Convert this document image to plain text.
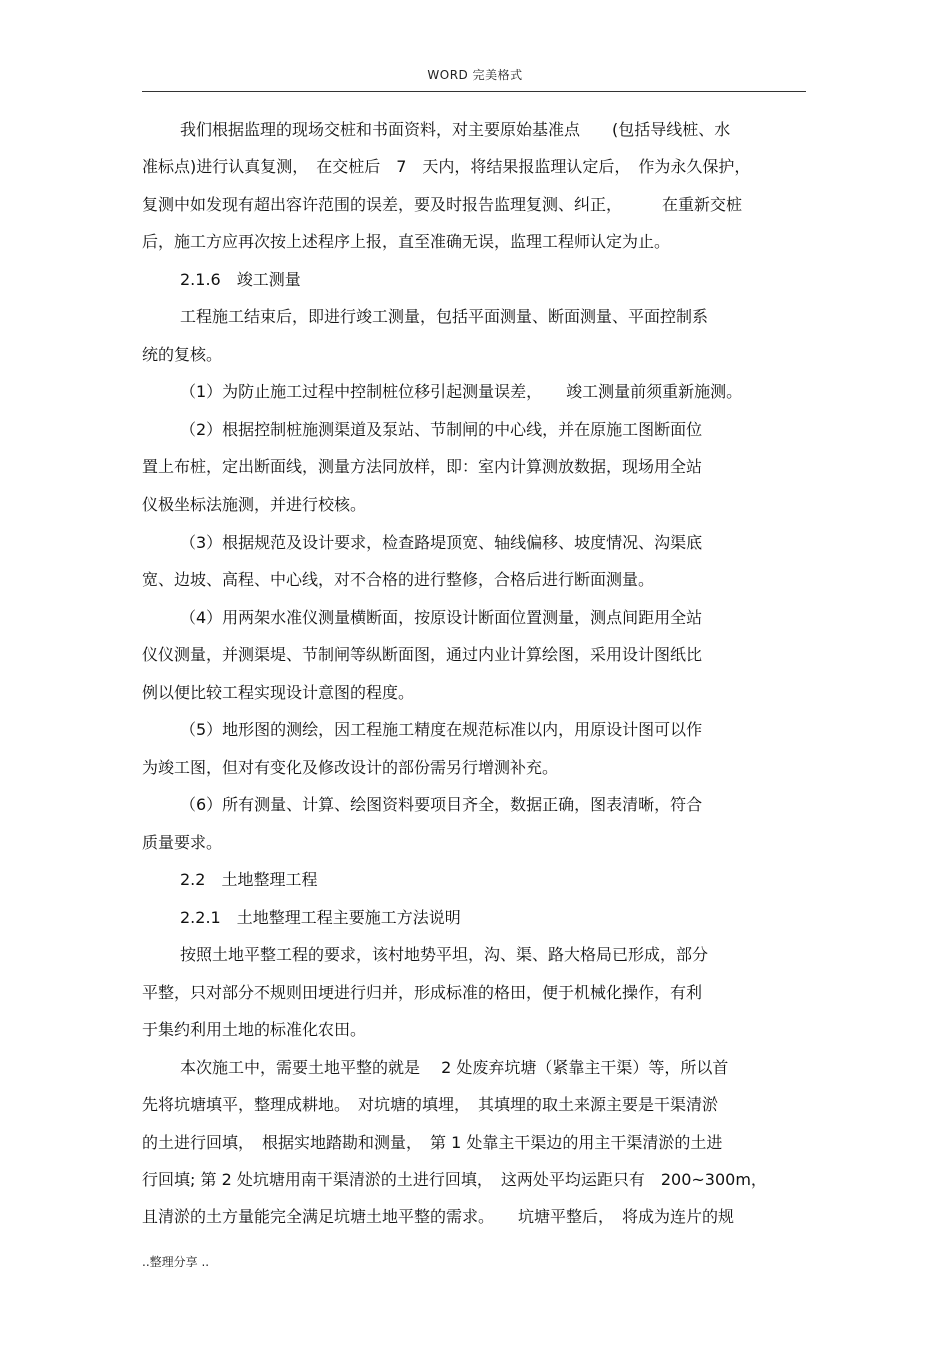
WORD 完美格式
我们根据监理的现场交桩和书面资料，对主要原始基准点　　(包括导线桩、水
准标点)进行认真复测，　在交桩后　7　天内，将结果报监理认定后，　作为永久保护，
复测中如发现有超出容许范围的误差，要及时报告监理复测、纠正，　　　在重新交桩
后，施工方应再次按上述程序上报，直至准确无误，监理工程师认定为止。
2.1.6　竣工测量
工程施工结束后，即进行竣工测量，包括平面测量、断面测量、平面控制系
统的复核。
（1）为防止施工过程中控制桩位移引起测量误差，　　竣工测量前须重新施测。
（2）根据控制桩施测渠道及泵站、节制闸的中心线，并在原施工图断面位
置上布桩，定出断面线，测量方法同放样，即：室内计算测放数据，现场用全站
仪极坐标法施测，并进行校核。
（3）根据规范及设计要求，检查路堤顶宽、轴线偏移、坡度情况、沟渠底
宽、边坡、高程、中心线，对不合格的进行整修，合格后进行断面测量。
（4）用两架水准仪测量横断面，按原设计断面位置测量，测点间距用全站
仪仪测量，并测渠堤、节制闸等纵断面图，通过内业计算绘图，采用设计图纸比
例以便比较工程实现设计意图的程度。
（5）地形图的测绘，因工程施工精度在规范标准以内，用原设计图可以作
为竣工图，但对有变化及修改设计的部份需另行增测补充。
（6）所有测量、计算、绘图资料要项目齐全，数据正确，图表清晰，符合
质量要求。
2.2　土地整理工程
2.2.1　土地整理工程主要施工方法说明
按照土地平整工程的要求，该村地势平坦，沟、渠、路大格局已形成，部分
平整，只对部分不规则田埂进行归并，形成标准的格田，便于机械化操作，有利
于集约利用土地的标准化农田。
本次施工中，需要土地平整的就是　 2 处废弃坑塘（紧靠主干渠）等，所以首
先将坑塘填平，整理成耕地。　对坑塘的填埋，　其填埋的取土来源主要是干渠清淤
的土进行回填，　根据实地踏勘和测量，　第 1 处靠主干渠边的用主干渠清淤的土进
行回填; 第 2 处坑塘用南干渠清淤的土进行回填，　这两处平均运距只有　200~300m，
且清淤的土方量能完全满足坑塘土地平整的需求。　　坑塘平整后，　将成为连片的规
..整理分享 ..
